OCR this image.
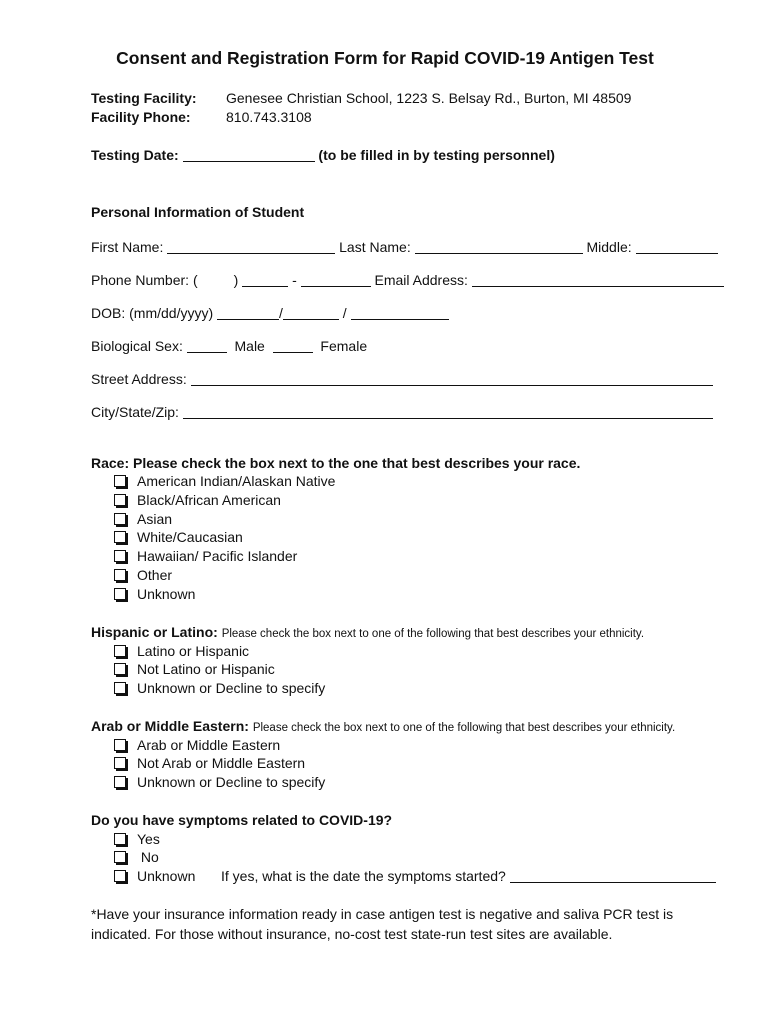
Consent and Registration Form for Rapid COVID-19 Antigen Test
Testing Facility: Genesee Christian School, 1223 S. Belsay Rd., Burton, MI 48509
Facility Phone:	810.743.3108
Testing Date:	(to be filled in by testing personnel)
Personal Information of Student
First Name:	Last Name:	Middle:
Phone Number: (	)	-	Email Address:
DOB: (mm/dd/yyyy)	/	/
Biological Sex:	Male	Female
Street Address:
City/State/Zip:
Race: Please check the box next to the one that best describes your race.
American Indian/Alaskan Native
Black/African American
Asian
White/Caucasian
Hawaiian/ Pacific Islander
Other
Unknown
Hispanic or Latino: Please check the box next to one of the following that best describes your ethnicity.
Latino or Hispanic
Not Latino or Hispanic
Unknown or Decline to specify
Arab or Middle Eastern: Please check the box next to one of the following that best describes your ethnicity.
Arab or Middle Eastern
Not Arab or Middle Eastern
Unknown or Decline to specify
Do you have symptoms related to COVID-19?
Yes
No
Unknown If yes, what is the date the symptoms started?
*Have your insurance information ready in case antigen test is negative and saliva PCR test is
indicated. For those without insurance, no-cost test state-run test sites are available.
